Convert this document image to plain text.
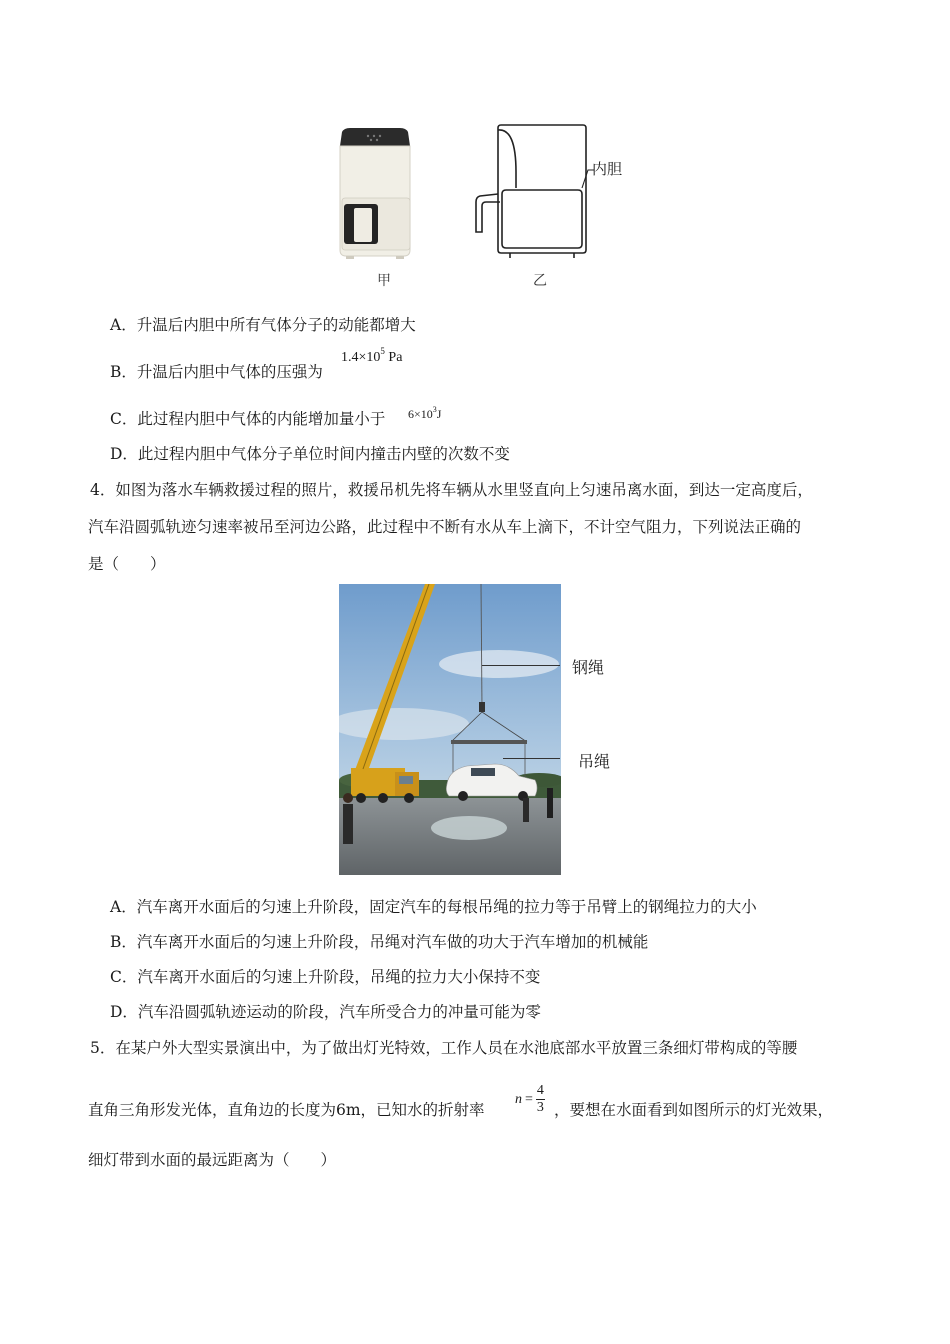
内胆
甲	乙
A．升温后内胆中所有气体分子的动能都增大
B．升温后内胆中气体的压强为
$1.4\times 10^5$ Pa
C．此过程内胆中气体的内能增加量小于 $6\times 10^3J$
D．此过程内胆中气体分子单位时间内撞击内壁的次数不变
4．如图为落水车辆救援过程的照片，救援吊机先将车辆从水里竖直向上匀速吊离水面，到达一定高度后，
汽车沿圆弧轨迹匀速率被吊至河边公路，此过程中不断有水从车上滴下，不计空气阻力，下列说法正确的
是（　　）
钢绳
吊绳
A．汽车离开水面后的匀速上升阶段，固定汽车的每根吊绳的拉力等于吊臂上的钢绳拉力的大小
B．汽车离开水面后的匀速上升阶段，吊绳对汽车做的功大于汽车增加的机械能
C．汽车离开水面后的匀速上升阶段，吊绳的拉力大小保持不变
D．汽车沿圆弧轨迹运动的阶段，汽车所受合力的冲量可能为零
5．在某户外大型实景演出中，为了做出灯光特效，工作人员在水池底部水平放置三条细灯带构成的等腰
直角三角形发光体，直角边的长度为6m，已知水的折射率
$n = \frac{4}{3}$ ，要想在水面看到如图所示的灯光效果，
细灯带到水面的最远距离为（　　）
